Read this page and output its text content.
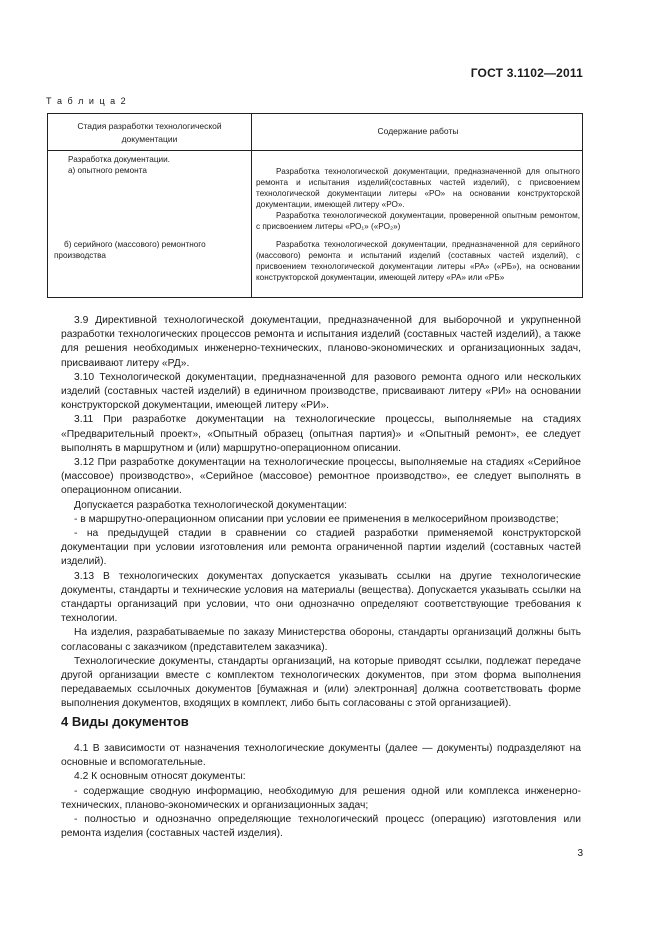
ГОСТ 3.1102—2011
Т а б л и ц а 2
Стадия разработки технологической
документации
Содержание работы
Разработка документации.
а) опытного ремонта	Разработка технологической документации, предназначенной для опытного ремонта и испытания изделий(составных частей изделий), с присвоением технологической документации литеры «РО» на основании конструкторской документации, имеющей литеру «РО».
Разработка технологической документации, проверенной опытным ремонтом, с присвоением литеры «РО₁» («РО₂»)
б) серийного (массового) ремонтного производства
Разработка технологической документации, предназначенной для серийного (массового) ремонта и испытаний изделий (составных частей изделий), с присвоением технологической документации литеры «РА» («РБ»), на основании конструкторской документации, имеющей литеру «РА» или «РБ»

3.9 Директивной технологической документации, предназначенной для выборочной и укрупненной разработки технологических процессов ремонта и испытания изделий (составных частей изделий), а также для решения необходимых инженерно-технических, планово-экономических и организационных задач, присваивают литеру «РД».

3.10 Технологической документации, предназначенной для разового ремонта одного или нескольких изделий (составных частей изделий) в единичном производстве, присваивают литеру «РИ» на основании конструкторской документации, имеющей литеру «РИ».

3.11 При разработке документации на технологические процессы, выполняемые на стадиях «Предварительный проект», «Опытный образец (опытная партия)» и «Опытный ремонт», ее следует выполнять в маршрутном и (или) маршрутно-операционном описании.

3.12 При разработке документации на технологические процессы, выполняемые на стадиях «Серийное (массовое) производство», «Серийное (массовое) ремонтное производство», ее следует выполнять в операционном описании.

Допускается разработка технологической документации:

- в маршрутно-операционном описании при условии ее применения в мелкосерийном производстве;

- на предыдущей стадии в сравнении со стадией разработки применяемой конструкторской документации при условии изготовления или ремонта ограниченной партии изделий (составных частей изделий).

3.13 В технологических документах допускается указывать ссылки на другие технологические документы, стандарты и технические условия на материалы (вещества). Допускается указывать ссылки на стандарты организаций при условии, что они однозначно определяют соответствующие требования к технологии.

На изделия, разрабатываемые по заказу Министерства обороны, стандарты организаций должны быть согласованы с заказчиком (представителем заказчика).

Технологические документы, стандарты организаций, на которые приводят ссылки, подлежат передаче другой организации вместе с комплектом технологических документов, при этом форма выполнения передаваемых ссылочных документов [бумажная и (или) электронная] должна соответствовать форме выполнения документов, входящих в комплект, либо быть согласованы с этой организацией).

4 Виды документов

4.1 В зависимости от назначения технологические документы (далее — документы) подразделяют на основные и вспомогательные.

4.2 К основным относят документы:

- содержащие сводную информацию, необходимую для решения одной или комплекса инженерно-технических, планово-экономических и организационных задач;

- полностью и однозначно определяющие технологический процесс (операцию) изготовления или ремонта изделия (составных частей изделия).

3
